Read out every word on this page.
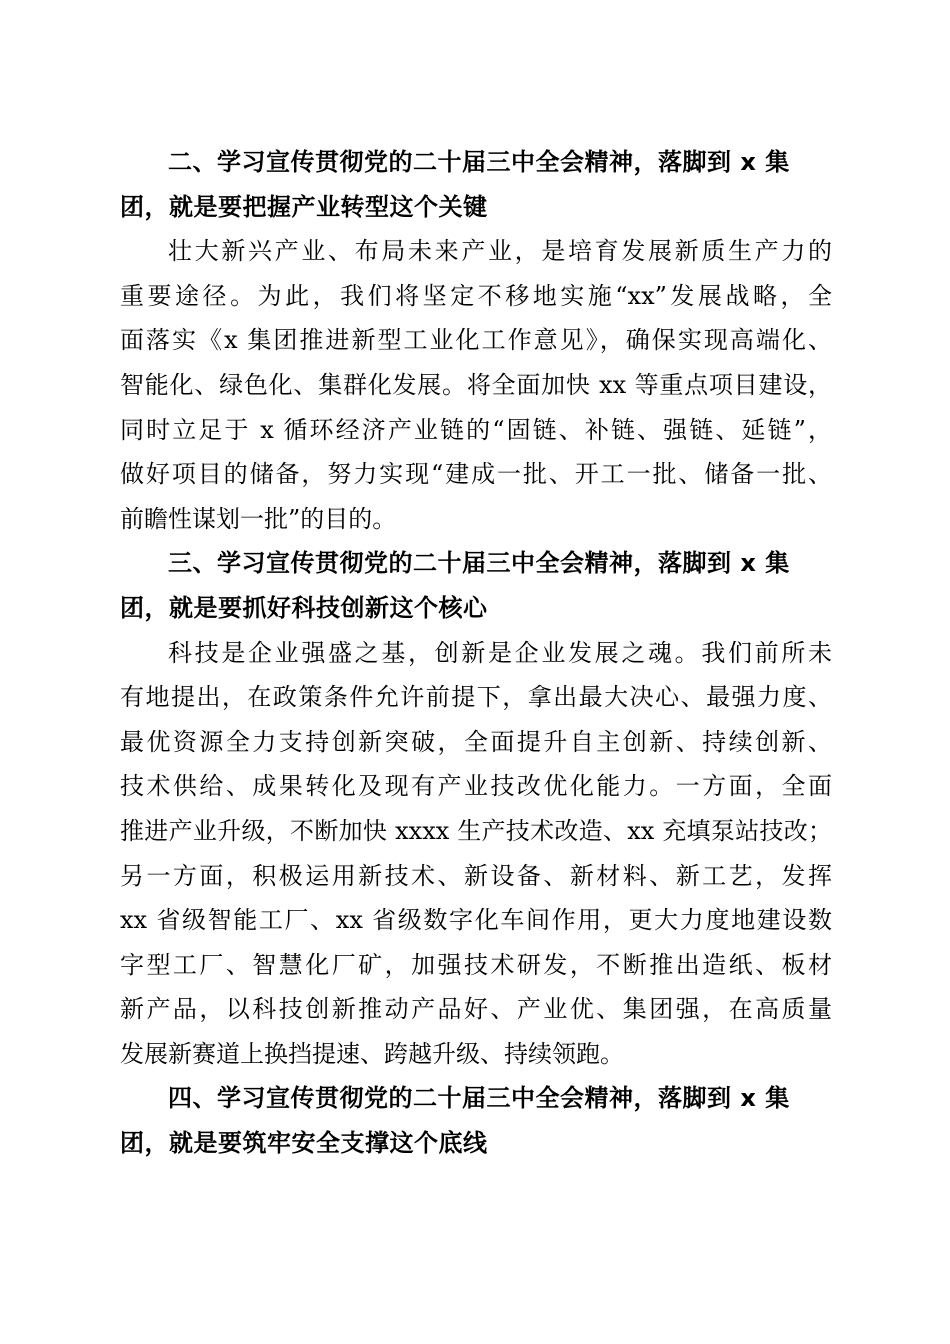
二、学习宣传贯彻党的二十届三中全会精神，落脚到 x 集
团，就是要把握产业转型这个关键
壮大新兴产业、布局未来产业，是培育发展新质生产力的
重要途径。为此，我们将坚定不移地实施“xx”发展战略，全
面落实《x 集团推进新型工业化工作意见》，确保实现高端化、
智能化、绿色化、集群化发展。将全面加快 xx 等重点项目建设，
同时立足于 x 循环经济产业链的“固链、补链、强链、延链”，
做好项目的储备，努力实现“建成一批、开工一批、储备一批、
前瞻性谋划一批”的目的。
三、学习宣传贯彻党的二十届三中全会精神，落脚到 x 集
团，就是要抓好科技创新这个核心
科技是企业强盛之基，创新是企业发展之魂。我们前所未
有地提出，在政策条件允许前提下，拿出最大决心、最强力度、
最优资源全力支持创新突破，全面提升自主创新、持续创新、
技术供给、成果转化及现有产业技改优化能力。一方面，全面
推进产业升级，不断加快 xxxx 生产技术改造、xx 充填泵站技改；
另一方面，积极运用新技术、新设备、新材料、新工艺，发挥
xx 省级智能工厂、xx 省级数字化车间作用，更大力度地建设数
字型工厂、智慧化厂矿，加强技术研发，不断推出造纸、板材
新产品，以科技创新推动产品好、产业优、集团强，在高质量
发展新赛道上换挡提速、跨越升级、持续领跑。
四、学习宣传贯彻党的二十届三中全会精神，落脚到 x 集
团，就是要筑牢安全支撑这个底线
